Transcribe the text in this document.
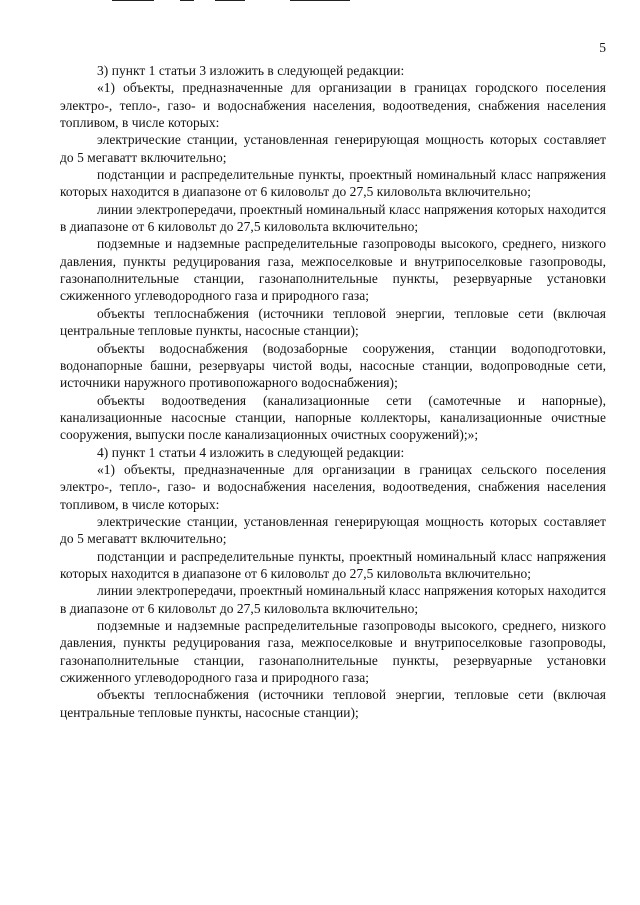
5

3) пункт 1 статьи 3 изложить в следующей редакции:

«1) объекты, предназначенные для организации в границах городского поселения электро-, тепло-, газо- и водоснабжения населения, водоотведения, снабжения населения топливом, в числе которых:

электрические станции, установленная генерирующая мощность которых составляет до 5 мегаватт включительно;

подстанции и распределительные пункты, проектный номинальный класс напряжения которых находится в диапазоне от 6 киловольт до 27,5 киловольта включительно;

линии электропередачи, проектный номинальный класс напряжения которых находится в диапазоне от 6 киловольт до 27,5 киловольта включительно;

подземные и надземные распределительные газопроводы высокого, среднего, низкого давления, пункты редуцирования газа, межпоселковые и внутрипоселковые газопроводы, газонаполнительные станции, газонаполнительные пункты, резервуарные установки сжиженного углеводородного газа и природного газа;

объекты теплоснабжения (источники тепловой энергии, тепловые сети (включая центральные тепловые пункты, насосные станции);

объекты водоснабжения (водозаборные сооружения, станции водоподготовки, водонапорные башни, резервуары чистой воды, насосные станции, водопроводные сети, источники наружного противопожарного водоснабжения);

объекты водоотведения (канализационные сети (самотечные и напорные), канализационные насосные станции, напорные коллекторы, канализационные очистные сооружения, выпуски после канализационных очистных сооружений);»;

4) пункт 1 статьи 4 изложить в следующей редакции:

«1) объекты, предназначенные для организации в границах сельского поселения электро-, тепло-, газо- и водоснабжения населения, водоотведения, снабжения населения топливом, в числе которых:

электрические станции, установленная генерирующая мощность которых составляет до 5 мегаватт включительно;

подстанции и распределительные пункты, проектный номинальный класс напряжения которых находится в диапазоне от 6 киловольт до 27,5 киловольта включительно;

линии электропередачи, проектный номинальный класс напряжения которых находится в диапазоне от 6 киловольт до 27,5 киловольта включительно;

подземные и надземные распределительные газопроводы высокого, среднего, низкого давления, пункты редуцирования газа, межпоселковые и внутрипоселковые газопроводы, газонаполнительные станции, газонаполнительные пункты, резервуарные установки сжиженного углеводородного газа и природного газа;

объекты теплоснабжения (источники тепловой энергии, тепловые сети (включая центральные тепловые пункты, насосные станции);
